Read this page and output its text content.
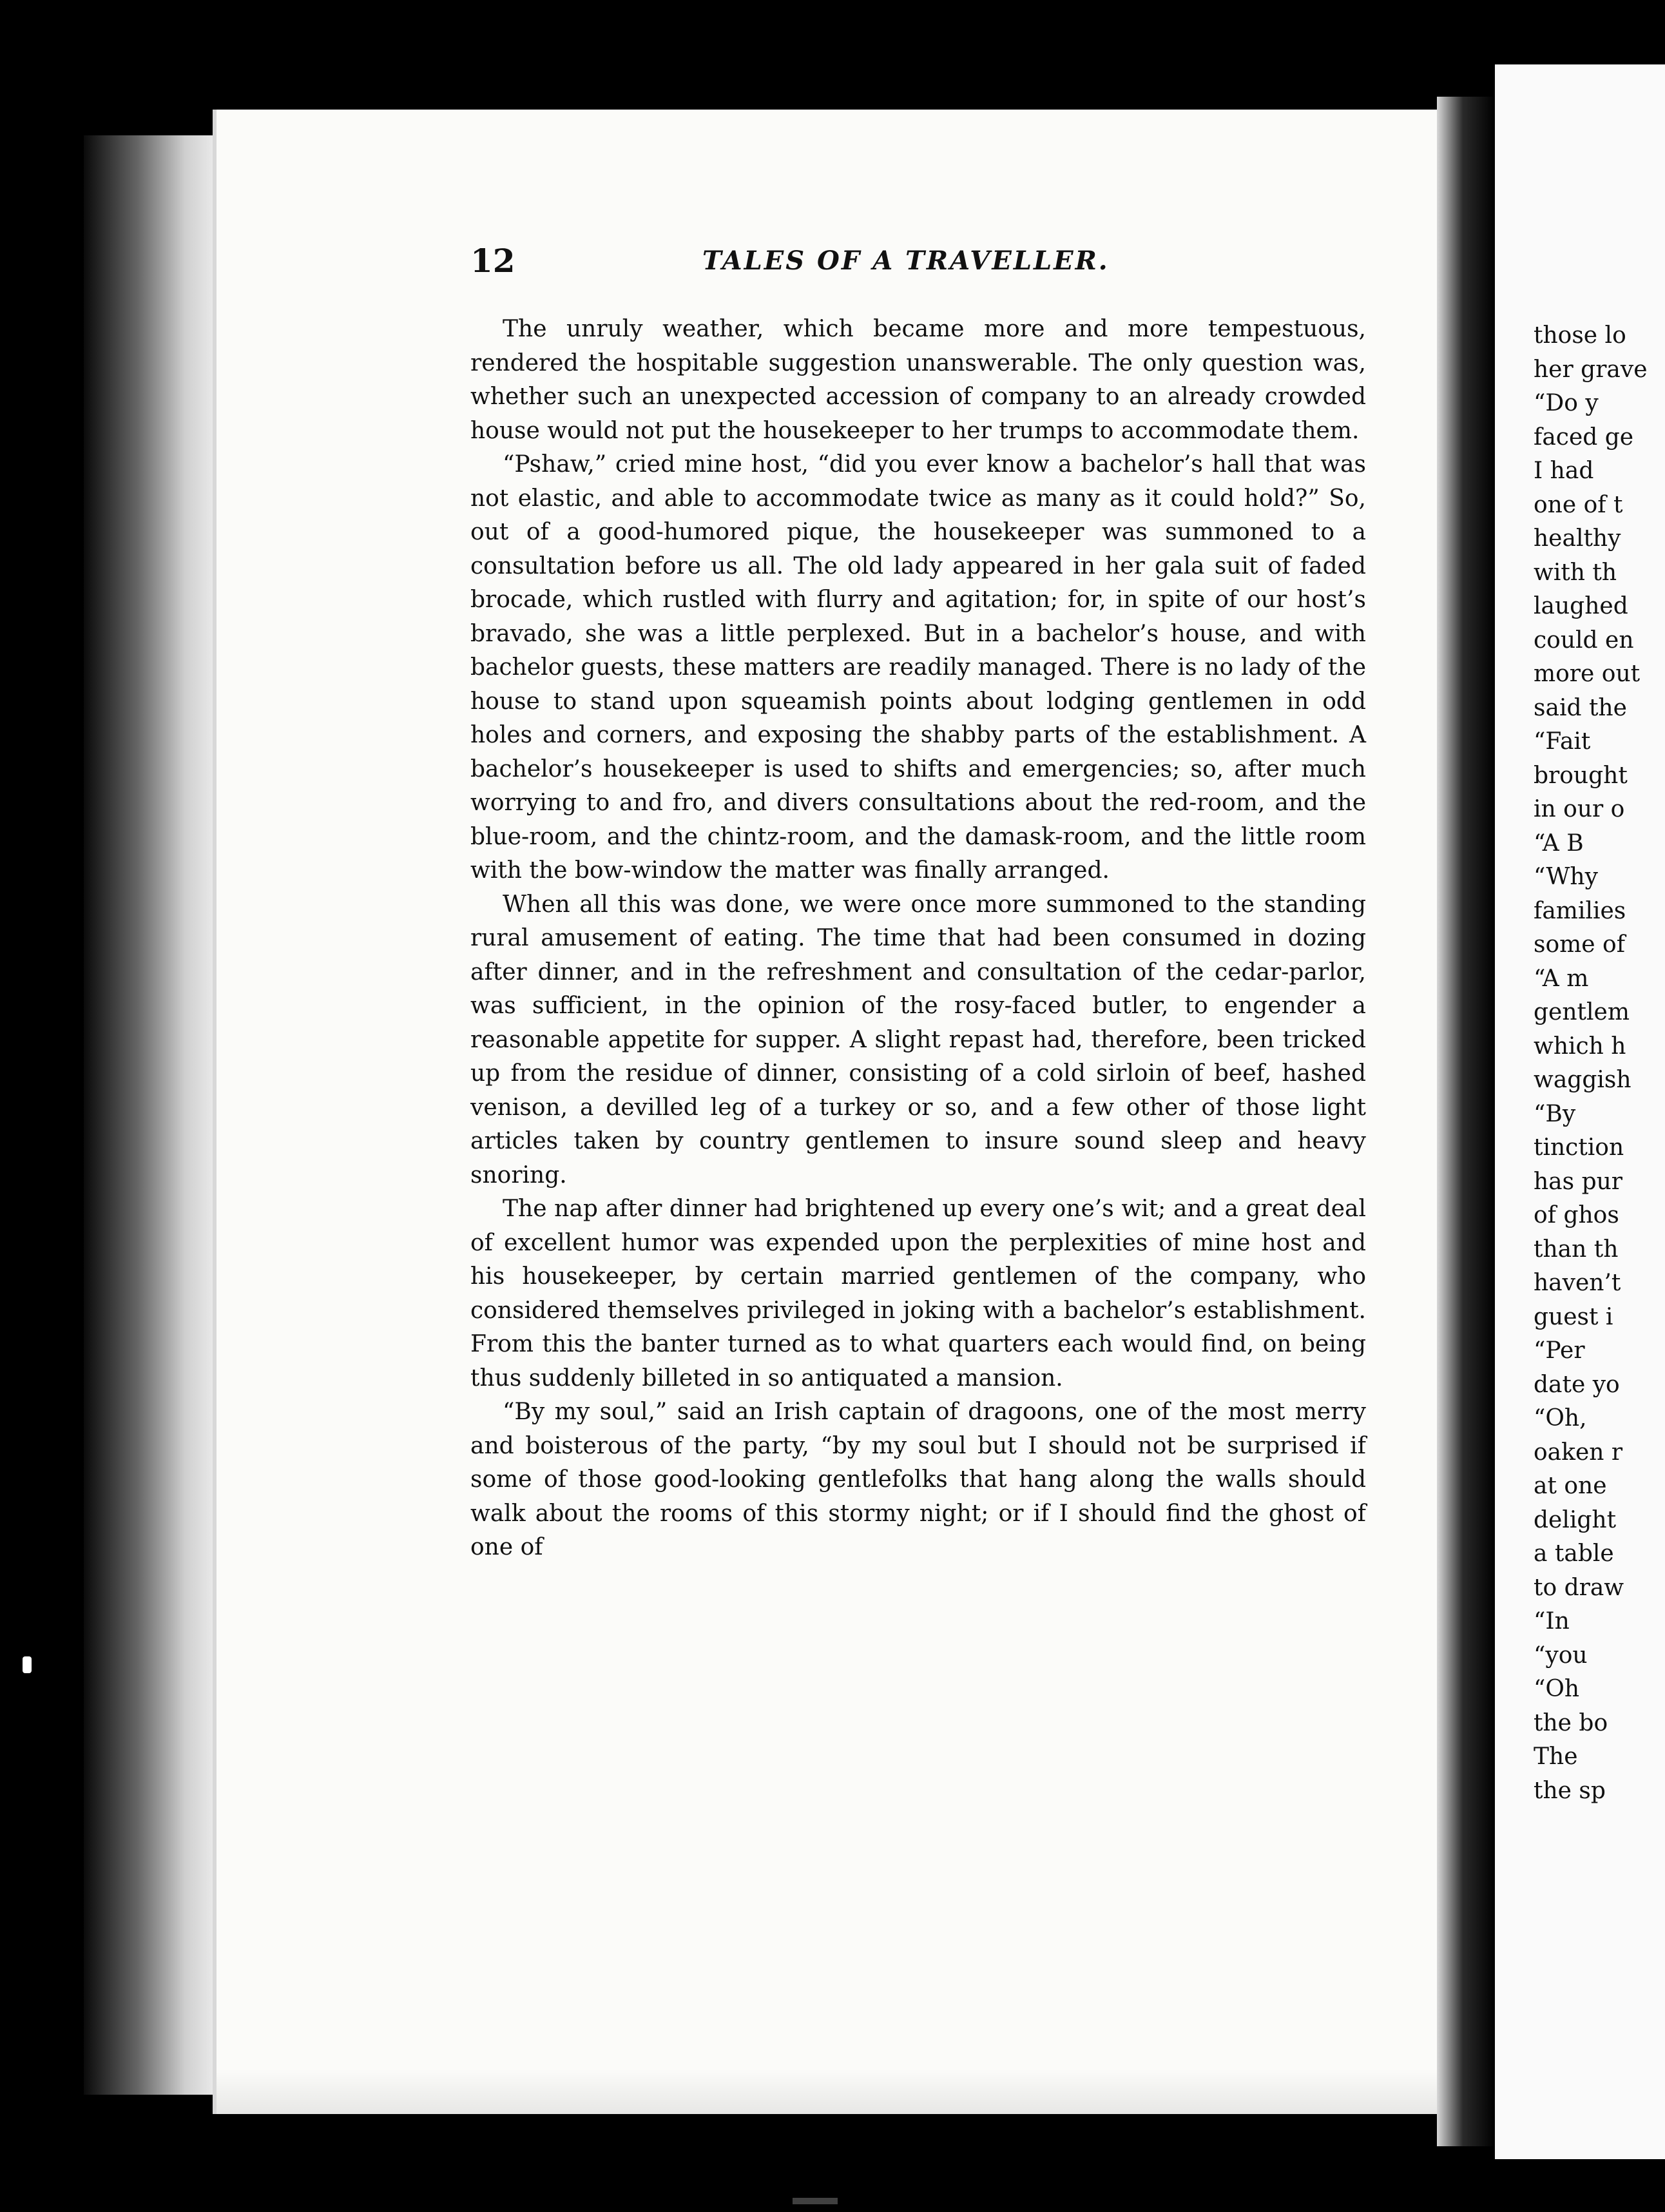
those lo
her grave
“Do y
faced ge
I had
one of t
healthy
with th
laughed
could en
more out
said the
“Fait
brought
in our o
“A B
“Why
families
some of
“A m
gentlem
which h
waggish
“By
tinction
has pur
of ghos
than th
haven’t
guest i
“Per
date yo
“Oh,
oaken r
at one
delight
a table
to draw
“In
“you
“Oh
the bo
The
the sp
12	TALES OF A TRAVELLER.

The unruly weather, which became more and more tempestuous, rendered the hospitable suggestion unanswerable. The only question was, whether such an unexpected accession of company to an already crowded house would not put the housekeeper to her trumps to accommodate them.

“Pshaw,” cried mine host, “did you ever know a bachelor’s hall that was not elastic, and able to accommodate twice as many as it could hold?” So, out of a good-humored pique, the housekeeper was summoned to a consultation before us all. The old lady appeared in her gala suit of faded brocade, which rustled with flurry and agitation; for, in spite of our host’s bravado, she was a little perplexed. But in a bachelor’s house, and with bachelor guests, these matters are readily managed. There is no lady of the house to stand upon squeamish points about lodging gentlemen in odd holes and corners, and exposing the shabby parts of the establishment. A bachelor’s housekeeper is used to shifts and emergencies; so, after much worrying to and fro, and divers consultations about the red-room, and the blue-room, and the chintz-room, and the damask-room, and the little room with the bow-window the matter was finally arranged.

When all this was done, we were once more summoned to the standing rural amusement of eating. The time that had been consumed in dozing after dinner, and in the refreshment and consultation of the cedar-parlor, was sufficient, in the opinion of the rosy-faced butler, to engender a reasonable appetite for supper. A slight repast had, therefore, been tricked up from the residue of dinner, consisting of a cold sirloin of beef, hashed venison, a devilled leg of a turkey or so, and a few other of those light articles taken by country gentlemen to insure sound sleep and heavy snoring.

The nap after dinner had brightened up every one’s wit; and a great deal of excellent humor was expended upon the perplexities of mine host and his housekeeper, by certain married gentlemen of the company, who considered themselves privileged in joking with a bachelor’s establishment. From this the banter turned as to what quarters each would find, on being thus suddenly billeted in so antiquated a mansion.

“By my soul,” said an Irish captain of dragoons, one of the most merry and boisterous of the party, “by my soul but I should not be surprised if some of those good-looking gentlefolks that hang along the walls should walk about the rooms of this stormy night; or if I should find the ghost of one of
